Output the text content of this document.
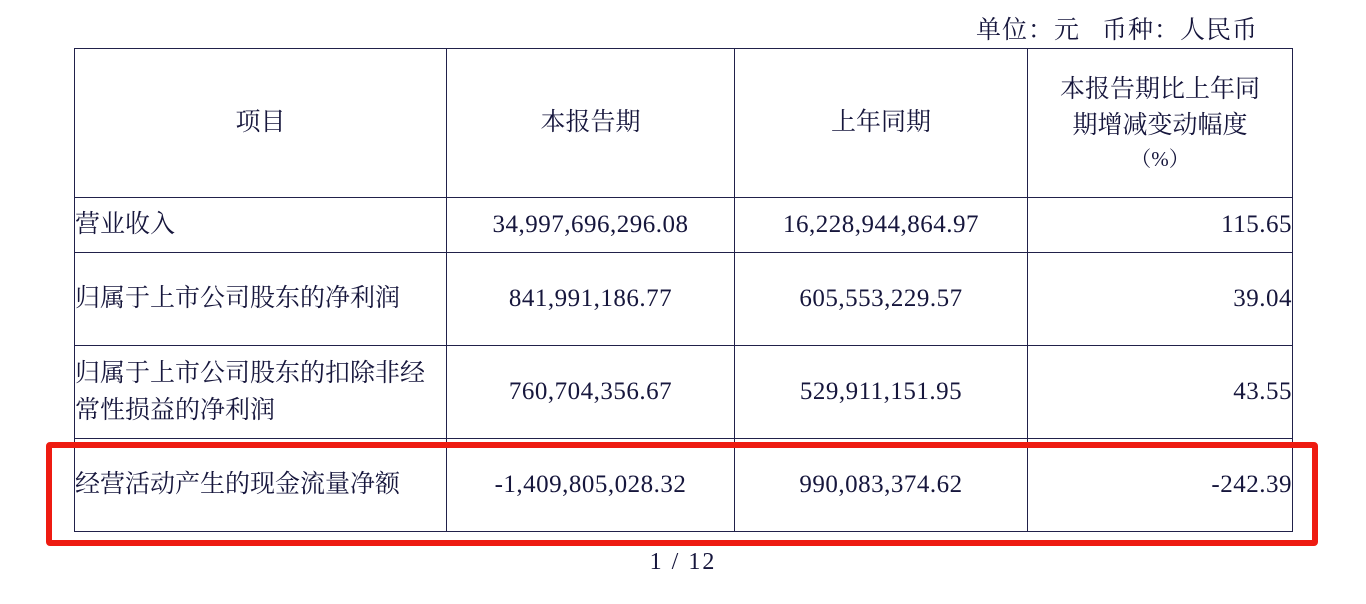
单位：元 币种：人民币
项目	本报告期	上年同期	本报告期比上年同
期增减变动幅度
（%）

营业收入	34,997,696,296.08	16,228,944,864.97	115.65
归属于上市公司股东的净利润	841,991,186.77	605,553,229.57	39.04
归属于上市公司股东的扣除非经常性损益的净利润	760,704,356.67	529,911,151.95	43.55
经营活动产生的现金流量净额	-1,409,805,028.32	990,083,374.62	-242.39
1 / 12
